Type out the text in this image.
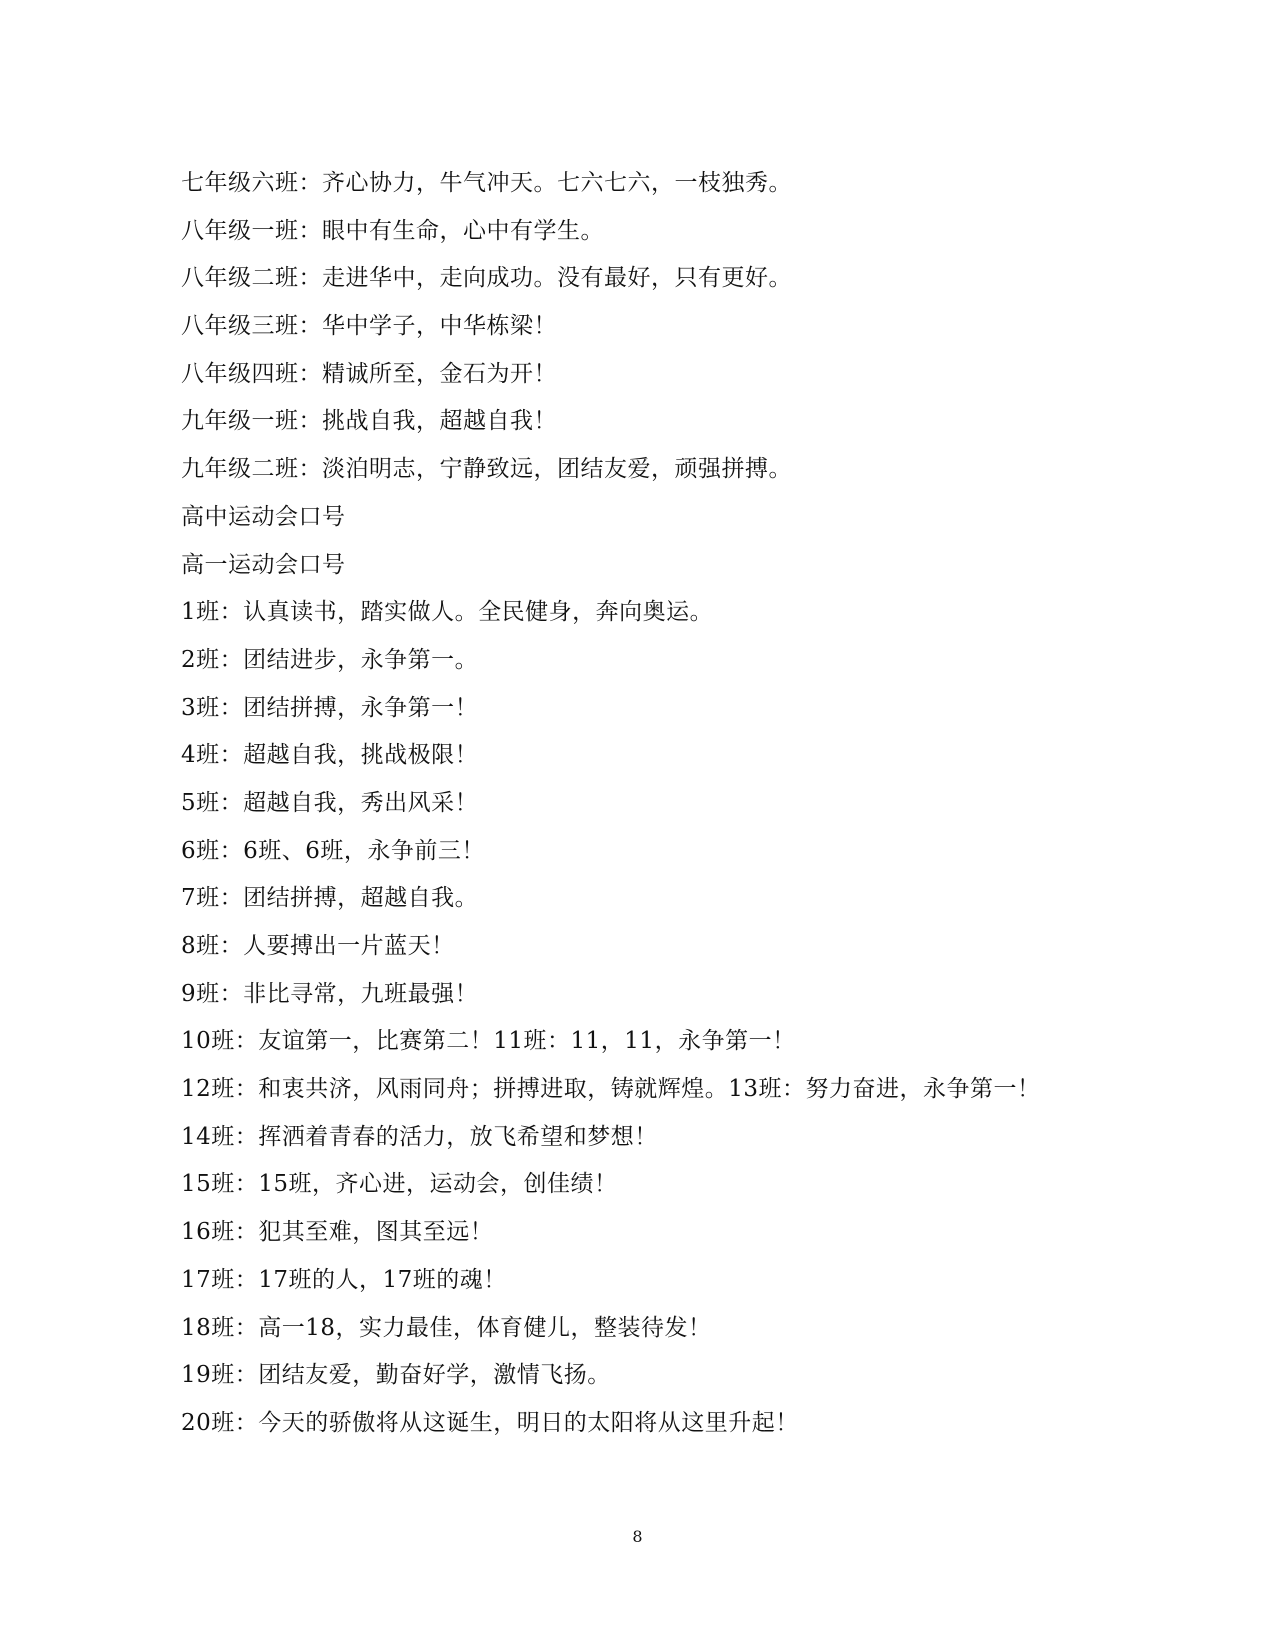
七年级六班：齐心协力，牛气冲天。七六七六，一枝独秀。
八年级一班：眼中有生命，心中有学生。
八年级二班：走进华中，走向成功。没有最好，只有更好。
八年级三班：华中学子，中华栋梁！
八年级四班：精诚所至，金石为开！
九年级一班：挑战自我，超越自我！
九年级二班：淡泊明志，宁静致远，团结友爱，顽强拼搏。
高中运动会口号
高一运动会口号
1班：认真读书，踏实做人。全民健身，奔向奥运。
2班：团结进步，永争第一。
3班：团结拼搏，永争第一！
4班：超越自我，挑战极限！
5班：超越自我，秀出风采！
6班：6班、6班，永争前三！
7班：团结拼搏，超越自我。
8班：人要搏出一片蓝天！
9班：非比寻常，九班最强！
10班：友谊第一，比赛第二！11班：11，11，永争第一！
12班：和衷共济，风雨同舟；拼搏进取，铸就辉煌。13班：努力奋进，永争第一！
14班：挥洒着青春的活力，放飞希望和梦想！
15班：15班，齐心进，运动会，创佳绩！
16班：犯其至难，图其至远！
17班：17班的人，17班的魂！
18班：高一18，实力最佳，体育健儿，整装待发！
19班：团结友爱，勤奋好学，激情飞扬。
20班：今天的骄傲将从这诞生，明日的太阳将从这里升起！
8
